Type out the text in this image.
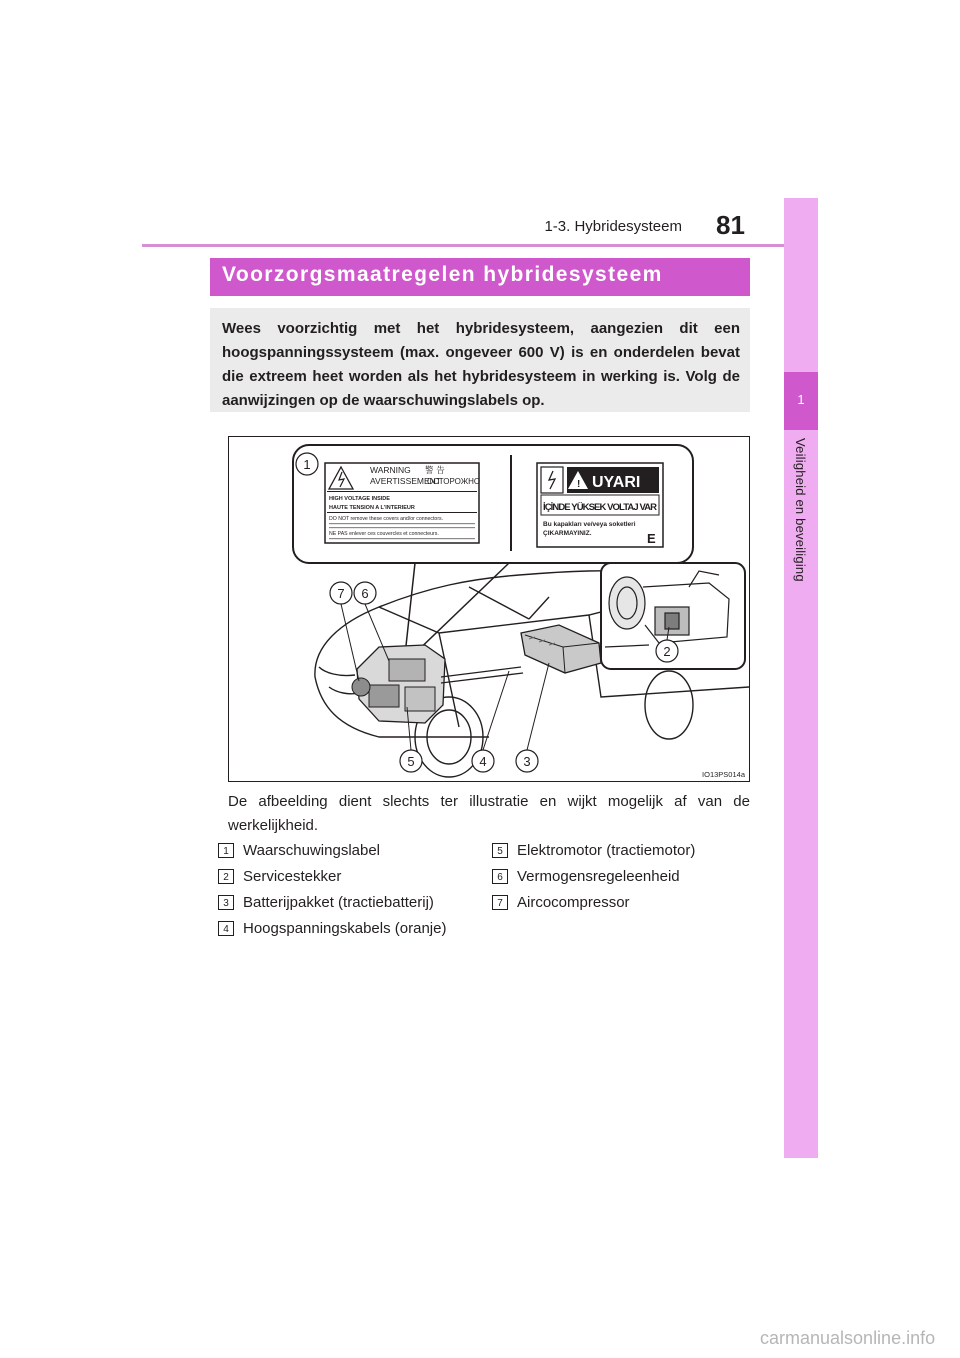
1-3. Hybridesysteem 81
1
Veiligheid en beveiliging
Voorzorgsmaatregelen hybridesysteem
Wees voorzichtig met het hybridesysteem, aangezien dit een hoogspanningssysteem (max. ongeveer 600 V) is en onderdelen bevat die extreem heet worden als het hybridesysteem in werking is. Volg de aanwijzingen op de waarschuwingslabels op.
WARNING 警 告
AVERTISSEMENT
ОСТОРОЖНО
HIGH VOLTAGE INSIDE
HAUTE TENSION A L'INTERIEUR
DO NOT remove these covers and/or connectors.
NE PAS enlever ces couvercles et connecteurs.
! UYARI
İÇİNDE YÜKSEK VOLTAJ VAR
Bu kapakları ve/veya soketleri
ÇIKARMAYINIZ.	E
1
2
3
4
5
6
7
IO13PS014a
De afbeelding dient slechts ter illustratie en wijkt mogelijk af van de werkelijkheid.
1 Waarschuwingslabel
2 Servicestekker
3 Batterijpakket (tractiebatterij)
4 Hoogspanningskabels (oranje)
5 Elektromotor (tractiemotor)
6 Vermogensregeleenheid
7 Aircocompressor
carmanualsonline.info
